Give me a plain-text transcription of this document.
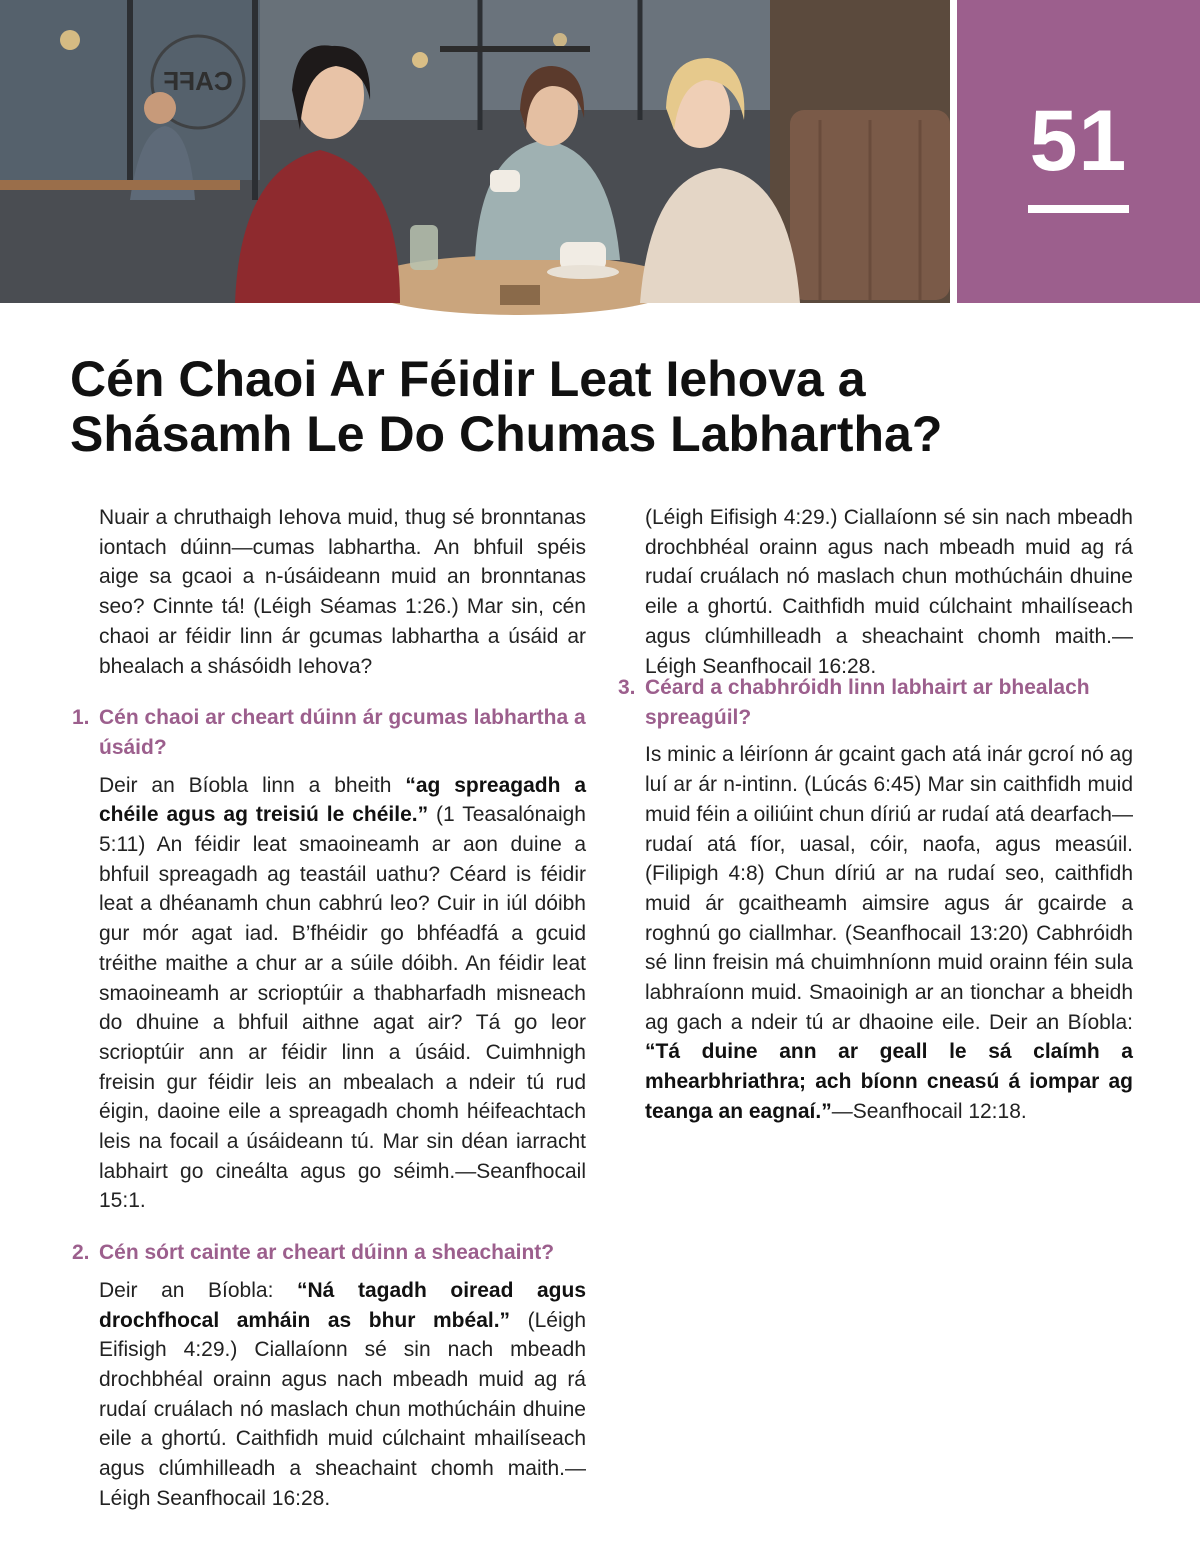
CAFF
51
Cén Chaoi Ar Féidir Leat Iehova a
Shásamh Le Do Chumas Labhartha?

Nuair a chruthaigh Iehova muid, thug sé bronntanas iontach dúinn—cumas labhartha. An bhfuil spéis aige sa gcaoi a n-úsáideann muid an bronntanas seo? Cinnte tá! (Léigh Séamas 1:26.) Mar sin, cén chaoi ar féidir linn ár gcumas labhartha a úsáid ar bhealach a shásóidh Iehova?

1. Cén chaoi ar cheart dúinn ár gcumas labhartha a úsáid?

Deir an Bíobla linn a bheith “ag spreagadh a chéile agus ag treisiú le chéile.” (1 Teasalónaigh 5:11) An féidir leat smaoineamh ar aon duine a bhfuil spreagadh ag teastáil uathu? Céard is féidir leat a dhéanamh chun cabhrú leo? Cuir in iúl dóibh gur mór agat iad. B’fhéidir go bhféadfá a gcuid tréithe maithe a chur ar a súile dóibh. An féidir leat smaoineamh ar scrioptúir a thabharfadh misneach do dhuine a bhfuil aithne agat air? Tá go leor scrioptúir ann ar féidir linn a úsáid. Cuimhnigh freisin gur féidir leis an mbealach a ndeir tú rud éigin, daoine eile a spreagadh chomh héifeachtach leis na focail a úsáideann tú. Mar sin déan iarracht labhairt go cineálta agus go séimh.—Seanfhocail 15:1.

2. Cén sórt cainte ar cheart dúinn a sheachaint?

Deir an Bíobla: “Ná tagadh oiread agus drochfhocal amháin as bhur mbéal.” (Léigh Eifisigh 4:29.) Ciallaíonn sé sin nach mbeadh drochbhéal orainn agus nach mbeadh muid ag rá rudaí cruálach nó maslach chun mothúcháin dhuine eile a ghortú. Caithfidh muid cúlchaint mhailíseach agus clúmhilleadh a sheachaint chomh maith.—Léigh Seanfhocail 16:28.

(Léigh Eifisigh 4:29.) Ciallaíonn sé sin nach mbeadh drochbhéal orainn agus nach mbeadh muid ag rá rudaí cruálach nó maslach chun mothúcháin dhuine eile a ghortú. Caithfidh muid cúlchaint mhailíseach agus clúmhilleadh a sheachaint chomh maith.—Léigh Seanfhocail 16:28.

3. Céard a chabhróidh linn labhairt ar bhealach spreagúil?

Is minic a léiríonn ár gcaint gach atá inár gcroí nó ag luí ar ár n-intinn. (Lúcás 6:45) Mar sin caithfidh muid muid féin a oiliúint chun díriú ar rudaí atá dearfach—rudaí atá fíor, uasal, cóir, naofa, agus measúil. (Filipigh 4:8) Chun díriú ar na rudaí seo, caithfidh muid ár gcaitheamh aimsire agus ár gcairde a roghnú go ciallmhar. (Seanfhocail 13:20) Cabhróidh sé linn freisin má chuimhníonn muid orainn féin sula labhraíonn muid. Smaoinigh ar an tionchar a bheidh ag gach a ndeir tú ar dhaoine eile. Deir an Bíobla: “Tá duine ann ar geall le sá claímh a mhearbhriathra; ach bíonn cneasú á iompar ag teanga an eagnaí.”—Seanfhocail 12:18.
